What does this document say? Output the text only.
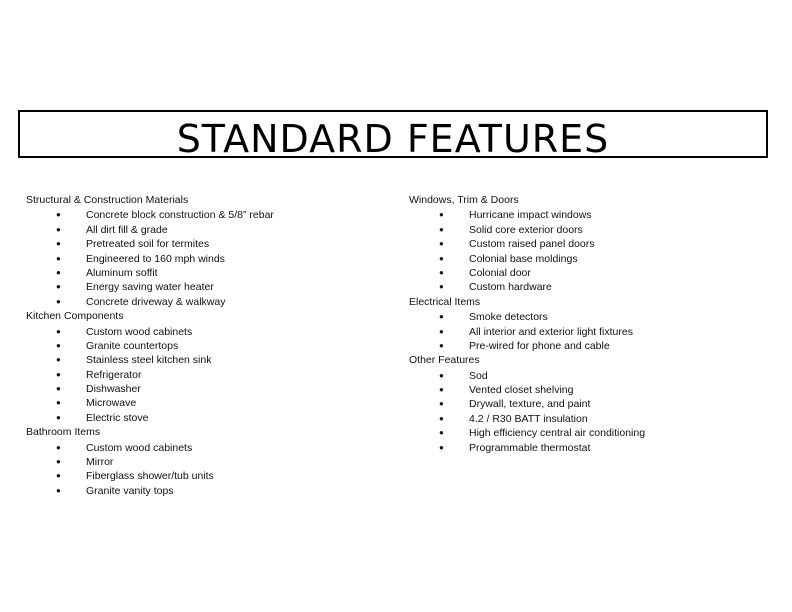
STANDARD FEATURES
Structural & Construction Materials
● Concrete block construction & 5/8” rebar
● All dirt fill & grade
● Pretreated soil for termites
● Engineered to 160 mph winds
● Aluminum soffit
● Energy saving water heater
● Concrete driveway & walkway
Kitchen Components
● Custom wood cabinets
● Granite countertops
● Stainless steel kitchen sink
● Refrigerator
● Dishwasher
● Microwave
● Electric stove
Bathroom Items
● Custom wood cabinets
● Mirror
● Fiberglass shower/tub units
● Granite vanity tops
Windows, Trim & Doors
● Hurricane impact windows
● Solid core exterior doors
● Custom raised panel doors
● Colonial base moldings
● Colonial door
● Custom hardware
Electrical Items
● Smoke detectors
● All interior and exterior light fixtures
● Pre-wired for phone and cable
Other Features
● Sod
● Vented closet shelving
● Drywall, texture, and paint
● 4.2 / R30 BATT insulation
● High efficiency central air conditioning
● Programmable thermostat
